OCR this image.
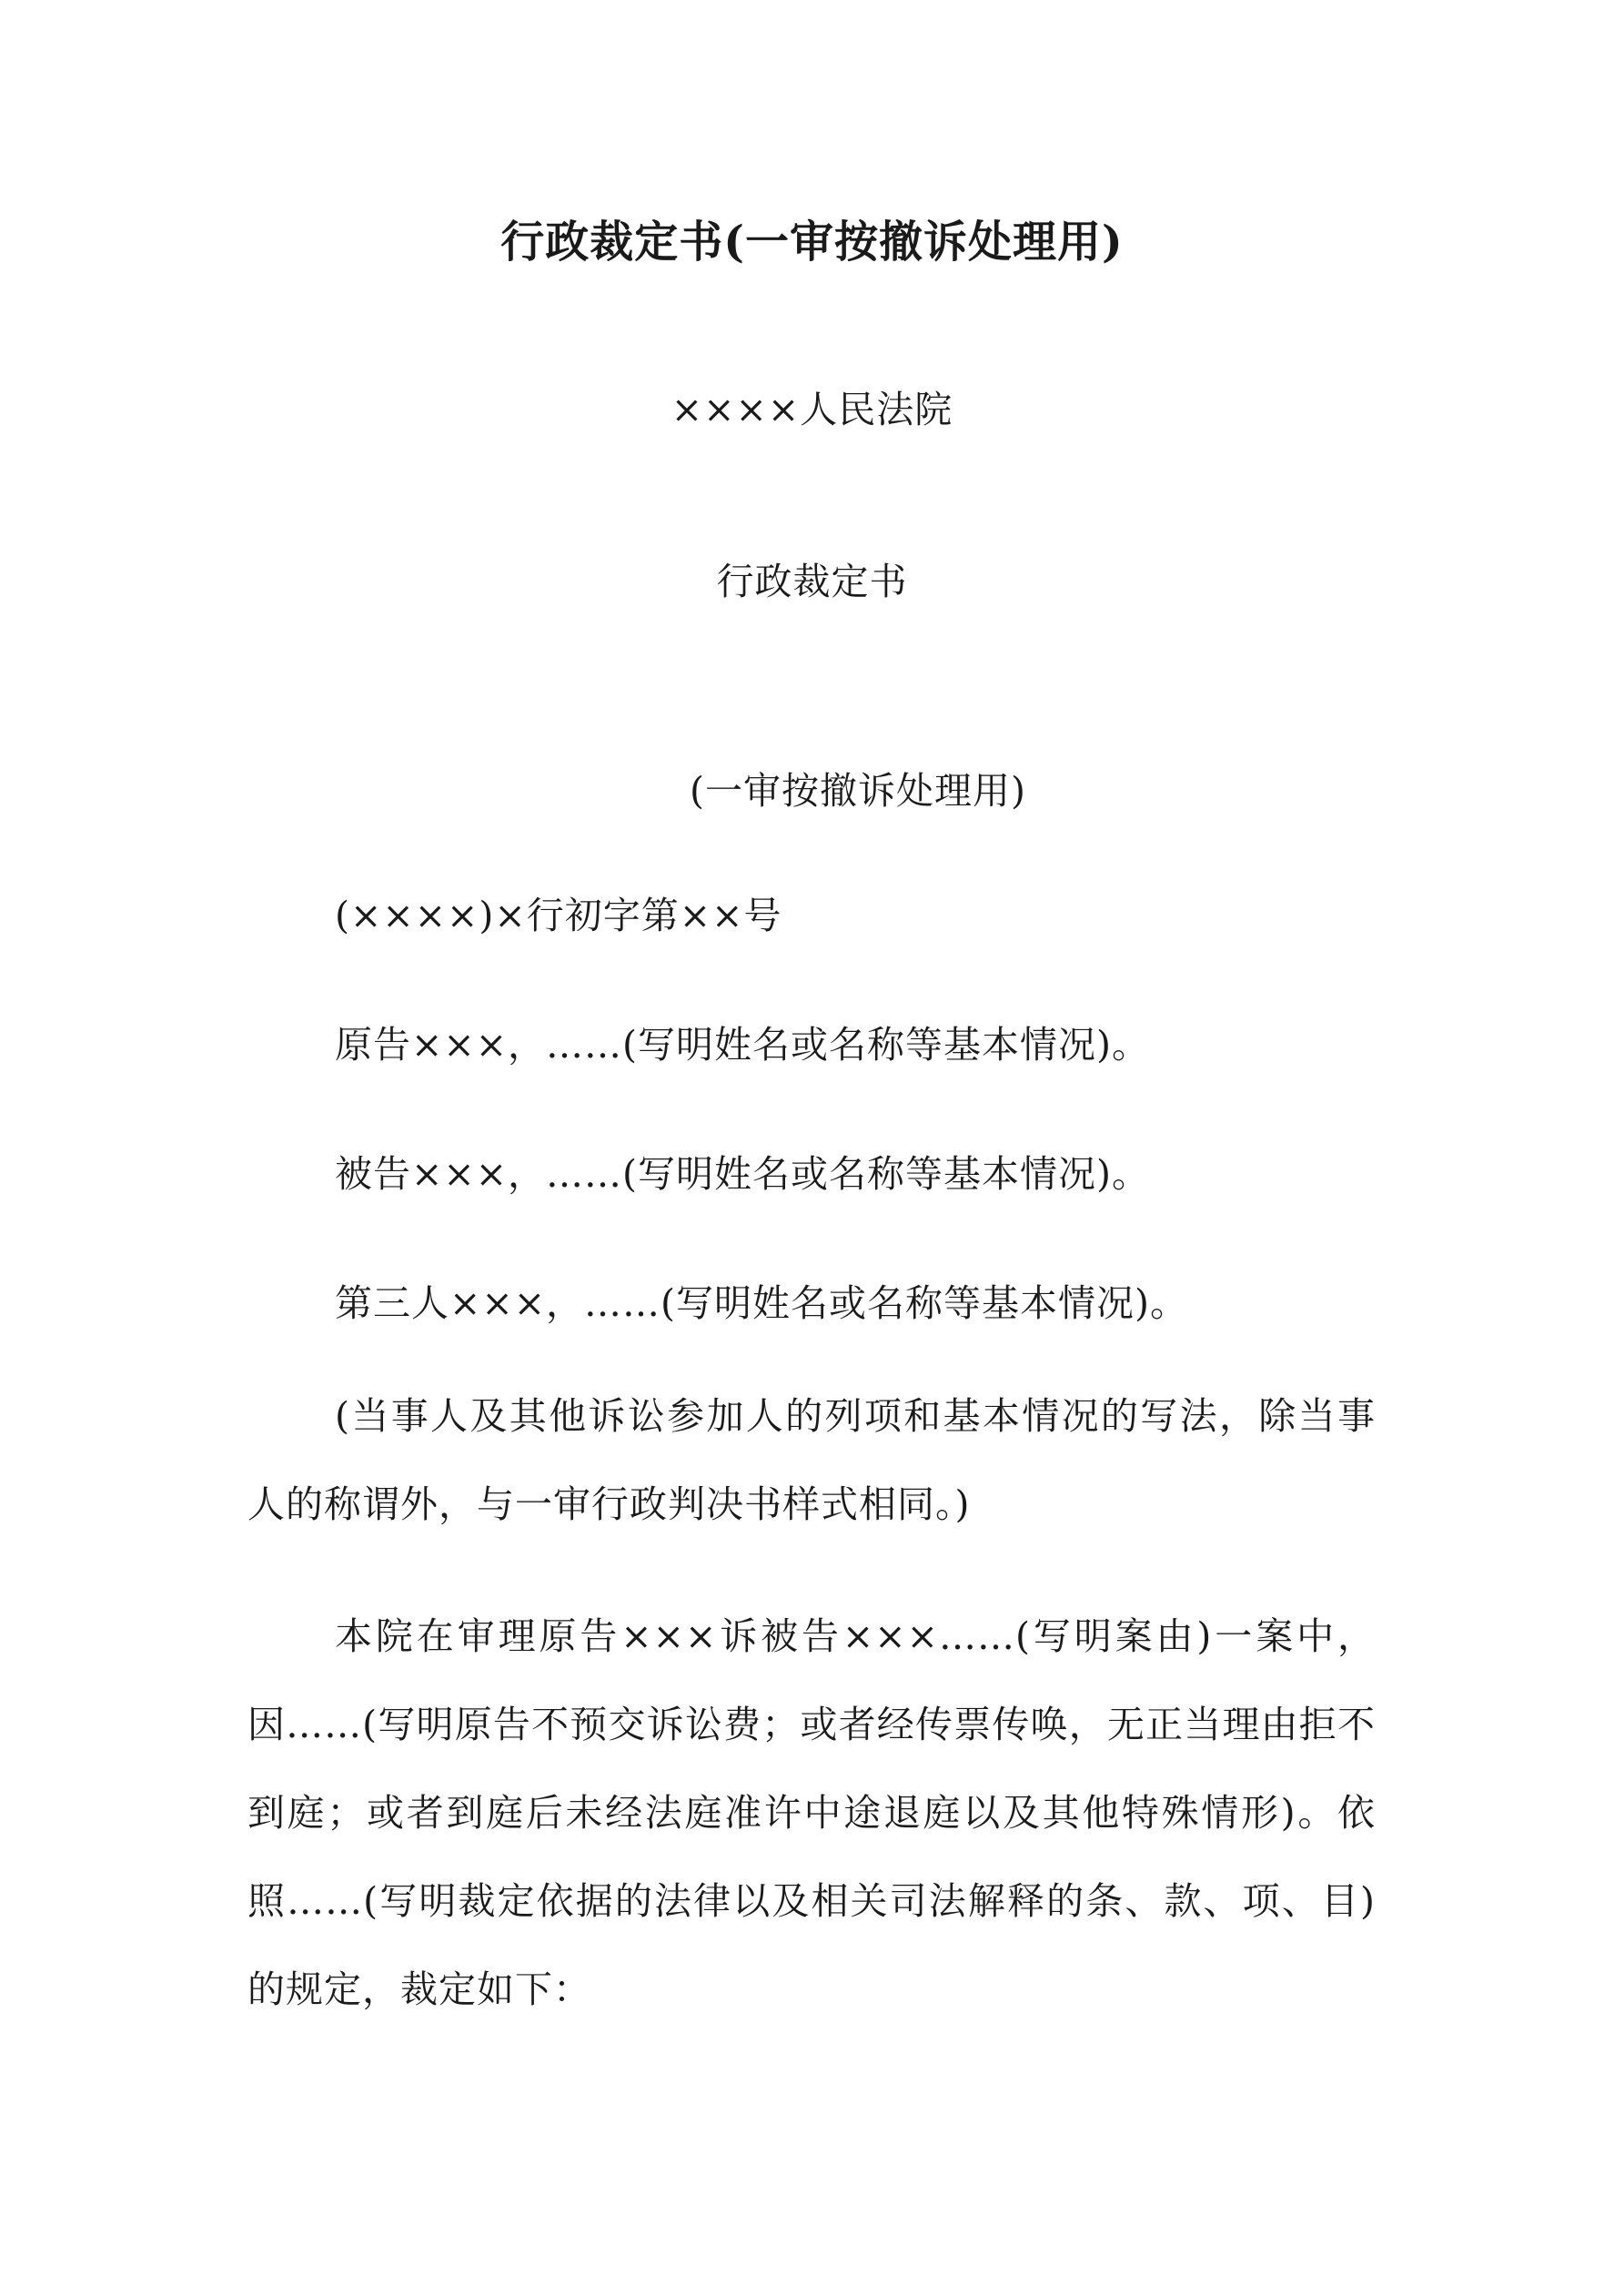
行政裁定书(一审按撤诉处理用)
××××人民法院
行政裁定书
(一审按撤诉处理用)
(××××)×行初字第××号
原告×××，……(写明姓名或名称等基本情况)。
被告×××，……(写明姓名或名称等基本情况)。
第三人×××，……(写明姓名或名称等基本情况)。
(当事人及其他诉讼参加人的列项和基本情况的写法，除当事人的称谓外，与一审行政判决书样式相同。)
本院在审理原告×××诉被告×××……(写明案由)一案中，因……(写明原告不预交诉讼费；或者经传票传唤，无正当理由拒不到庭；或者到庭后未经法庭准许中途退庭以及其他特殊情形)。依照……(写明裁定依据的法律以及相关司法解释的条、款、项、目)的规定，裁定如下：
